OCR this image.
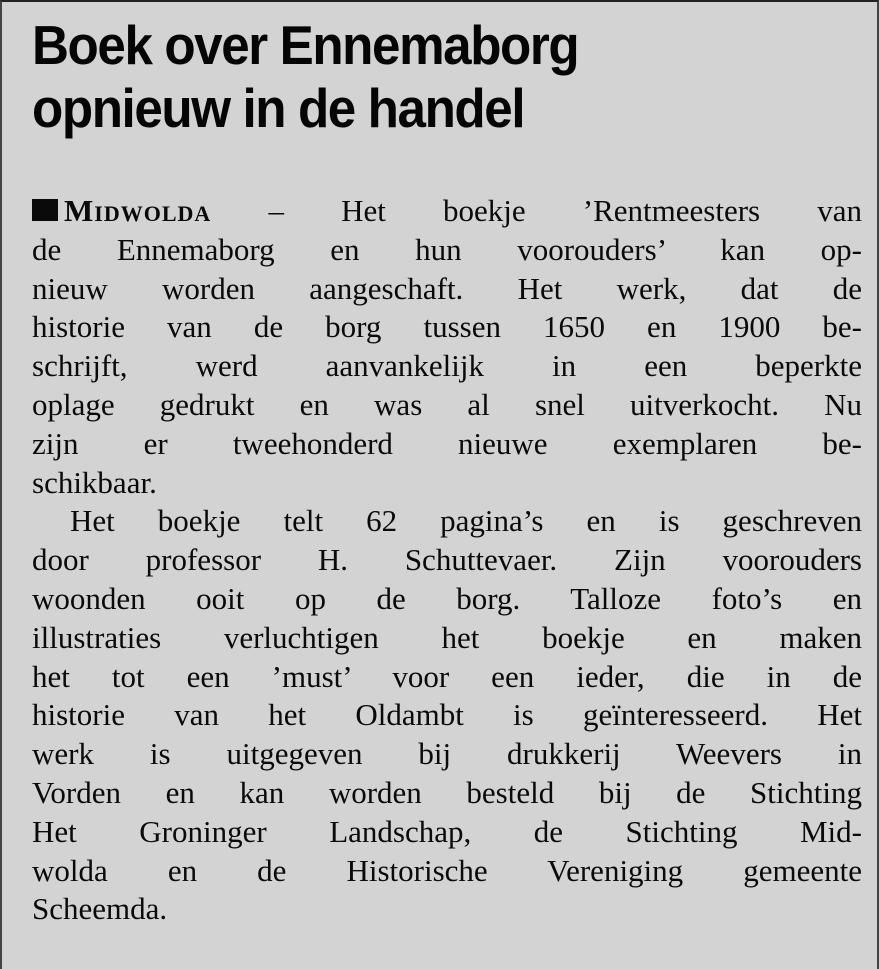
Boek over Ennemaborg
opnieuw in de handel
Midwolda – Het boekje ’Rentmeesters van
de Ennemaborg en hun voorouders’ kan op-
nieuw worden aangeschaft. Het werk, dat de
historie van de borg tussen 1650 en 1900 be-
schrijft, werd aanvankelijk in een beperkte
oplage gedrukt en was al snel uitverkocht. Nu
zijn er tweehonderd nieuwe exemplaren be-
schikbaar.
Het boekje telt 62 pagina’s en is geschreven
door professor H. Schuttevaer. Zijn voorouders
woonden ooit op de borg. Talloze foto’s en
illustraties verluchtigen het boekje en maken
het tot een ’must’ voor een ieder, die in de
historie van het Oldambt is geïnteresseerd. Het
werk is uitgegeven bij drukkerij Weevers in
Vorden en kan worden besteld bij de Stichting
Het Groninger Landschap, de Stichting Mid-
wolda en de Historische Vereniging gemeente
Scheemda.
